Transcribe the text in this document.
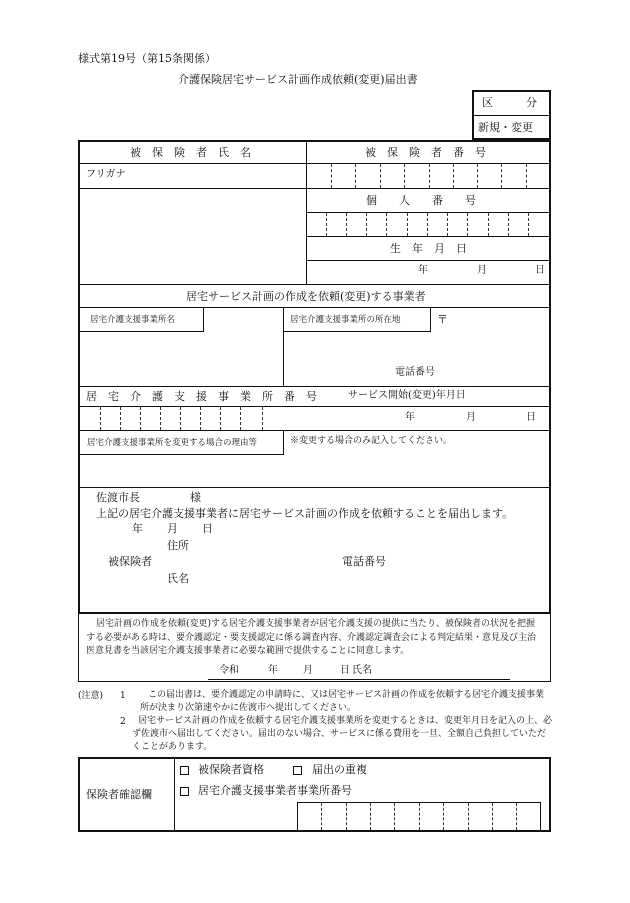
様式第19号（第15条関係）
介護保険居宅サービス計画作成依頼(変更)届出書
区　　　分
新規・変更
被　保　険　者　氏　名	被　保　険　者　番　号
フリガナ
個　　人　　番　　号
生　年　月　日
年	月	日
居宅サービス計画の作成を依頼(変更)する事業者
居宅介護支援事業所名	居宅介護支援事業所の所在地	〒
電話番号
居　宅　介　護　支　援　事　業　所　番　号	サービス開始(変更)年月日
年	月	日
居宅介護支援事業所を変更する場合の理由等	※変更する場合のみ記入してください。
佐渡市長	様
上記の居宅介護支援事業者に居宅サービス計画の作成を依頼することを届出します。
年 月 日
住所
被保険者	電話番号
氏名
居宅計画の作成を依頼(変更)する居宅介護支援事業者が居宅介護支援の提供に当たり、被保険者の状況を把握する必要がある時は、要介護認定・要支援認定に係る調査内容、介護認定調査会による判定結果・意見及び主治医意見書を当該居宅介護支援事業者に必要な範囲で提供することに同意します。
令和	年	月	日 氏名
(注意) 1	この届出書は、要介護認定の申請時に、又は居宅サービス計画の作成を依頼する居宅介護支援事業所が決まり次第速やかに佐渡市へ提出してください。
2	居宅サービス計画の作成を依頼する居宅介護支援事業所を変更するときは、変更年月日を記入の上、必ず佐渡市へ届出してください。届出のない場合、サービスに係る費用を一旦、全額自己負担していただくことがあります。
保険者確認欄
被保険者資格	届出の重複
居宅介護支援事業者事業所番号
